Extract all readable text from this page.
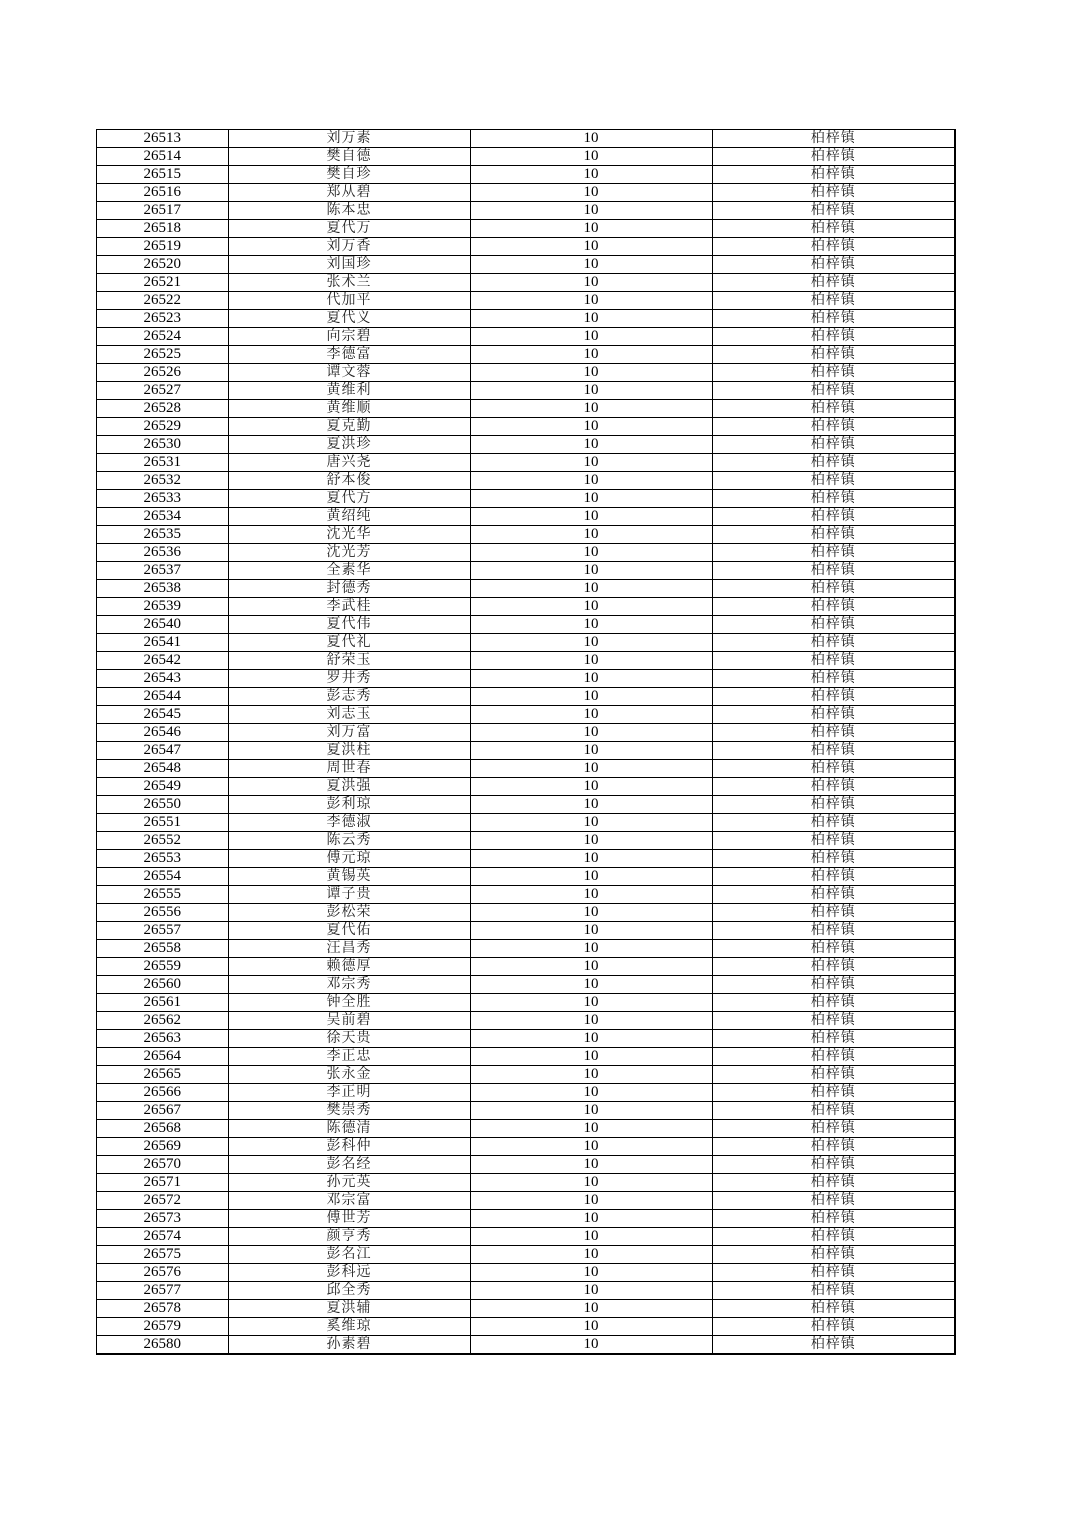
26513	刘万素	10	柏梓镇
26514	樊自德	10	柏梓镇
26515	樊自珍	10	柏梓镇
26516	郑从碧	10	柏梓镇
26517	陈本忠	10	柏梓镇
26518	夏代万	10	柏梓镇
26519	刘万香	10	柏梓镇
26520	刘国珍	10	柏梓镇
26521	张术兰	10	柏梓镇
26522	代加平	10	柏梓镇
26523	夏代义	10	柏梓镇
26524	向宗碧	10	柏梓镇
26525	李德富	10	柏梓镇
26526	谭文蓉	10	柏梓镇
26527	黄维利	10	柏梓镇
26528	黄维顺	10	柏梓镇
26529	夏克勤	10	柏梓镇
26530	夏洪珍	10	柏梓镇
26531	唐兴尧	10	柏梓镇
26532	舒本俊	10	柏梓镇
26533	夏代方	10	柏梓镇
26534	黄绍纯	10	柏梓镇
26535	沈光华	10	柏梓镇
26536	沈光芳	10	柏梓镇
26537	全素华	10	柏梓镇
26538	封德秀	10	柏梓镇
26539	李武桂	10	柏梓镇
26540	夏代伟	10	柏梓镇
26541	夏代礼	10	柏梓镇
26542	舒荣玉	10	柏梓镇
26543	罗井秀	10	柏梓镇
26544	彭志秀	10	柏梓镇
26545	刘志玉	10	柏梓镇
26546	刘万富	10	柏梓镇
26547	夏洪柱	10	柏梓镇
26548	周世春	10	柏梓镇
26549	夏洪强	10	柏梓镇
26550	彭利琼	10	柏梓镇
26551	李德淑	10	柏梓镇
26552	陈云秀	10	柏梓镇
26553	傅元琼	10	柏梓镇
26554	黄锡英	10	柏梓镇
26555	谭子贵	10	柏梓镇
26556	彭松荣	10	柏梓镇
26557	夏代佑	10	柏梓镇
26558	汪昌秀	10	柏梓镇
26559	赖德厚	10	柏梓镇
26560	邓宗秀	10	柏梓镇
26561	钟全胜	10	柏梓镇
26562	吴前碧	10	柏梓镇
26563	徐天贵	10	柏梓镇
26564	李正忠	10	柏梓镇
26565	张永金	10	柏梓镇
26566	李正明	10	柏梓镇
26567	樊崇秀	10	柏梓镇
26568	陈德清	10	柏梓镇
26569	彭科仲	10	柏梓镇
26570	彭名经	10	柏梓镇
26571	孙元英	10	柏梓镇
26572	邓宗富	10	柏梓镇
26573	傅世芳	10	柏梓镇
26574	颜亨秀	10	柏梓镇
26575	彭名江	10	柏梓镇
26576	彭科远	10	柏梓镇
26577	邱全秀	10	柏梓镇
26578	夏洪辅	10	柏梓镇
26579	奚维琼	10	柏梓镇
26580	孙素碧	10	柏梓镇
